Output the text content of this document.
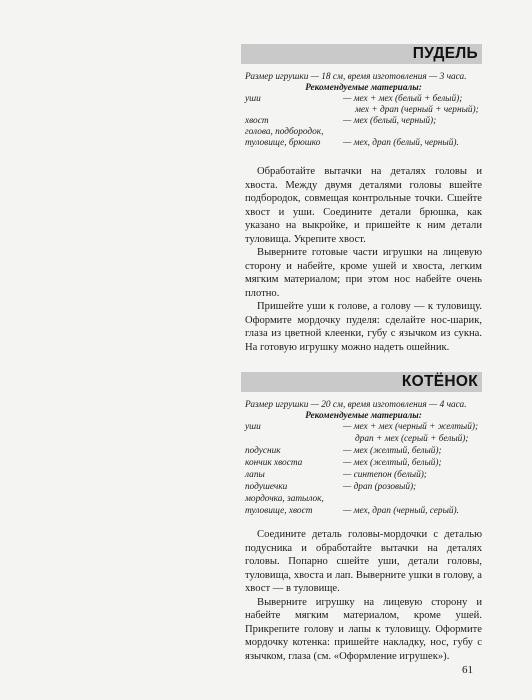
ПУДЕЛЬ
Размер игрушки — 18 см, время изготовления — 3 часа.
Рекомендуемые материалы:
уши	— мех + мех (белый + белый);
мех + драп (черный + черный);
хвост	— мех (белый, черный);
голова, подбородок,
туловище, брюшко — мех, драп (белый, черный).

Обработайте вытачки на деталях головы и хвоста. Между двумя деталями головы вшейте подбородок, совмещая контрольные точки. Сшейте хвост и уши. Соедините детали брюшка, как указано на выкройке, и пришейте к ним детали туловища. Укрепите хвост.

Выверните готовые части игрушки на лицевую сторону и набейте, кроме ушей и хвоста, легким мягким материалом; при этом нос набейте очень плотно.

Пришейте уши к голове, а голову — к туловищу. Оформите мордочку пуделя: сделайте нос-шарик, глаза из цветной клеенки, губу с язычком из сукна. На готовую игрушку можно надеть ошейник.

КОТЁНОК
Размер игрушки — 20 см, время изготовления — 4 часа.
Рекомендуемые материалы:
уши	— мех + мех (черный + желтый);
драп + мех (серый + белый);
подусник	— мех (желтый, белый);
кончик хвоста	— мех (желтый, белый);
лапы	— синтепон (белый);
подушечки	— драп (розовый);
мордочка, затылок,
туловище, хвост	— мех, драп (черный, серый).

Соедините деталь головы-мордочки с деталью подусника и обработайте вытачки на деталях головы. Попарно сшейте уши, детали головы, туловища, хвоста и лап. Выверните ушки в голову, а хвост — в туловище.

Выверните игрушку на лицевую сторону и набейте мягким материалом, кроме ушей. Прикрепите голову и лапы к туловищу. Оформите мордочку котенка: пришейте накладку, нос, губу с язычком, глаза (см. «Оформление игрушек»).

61
